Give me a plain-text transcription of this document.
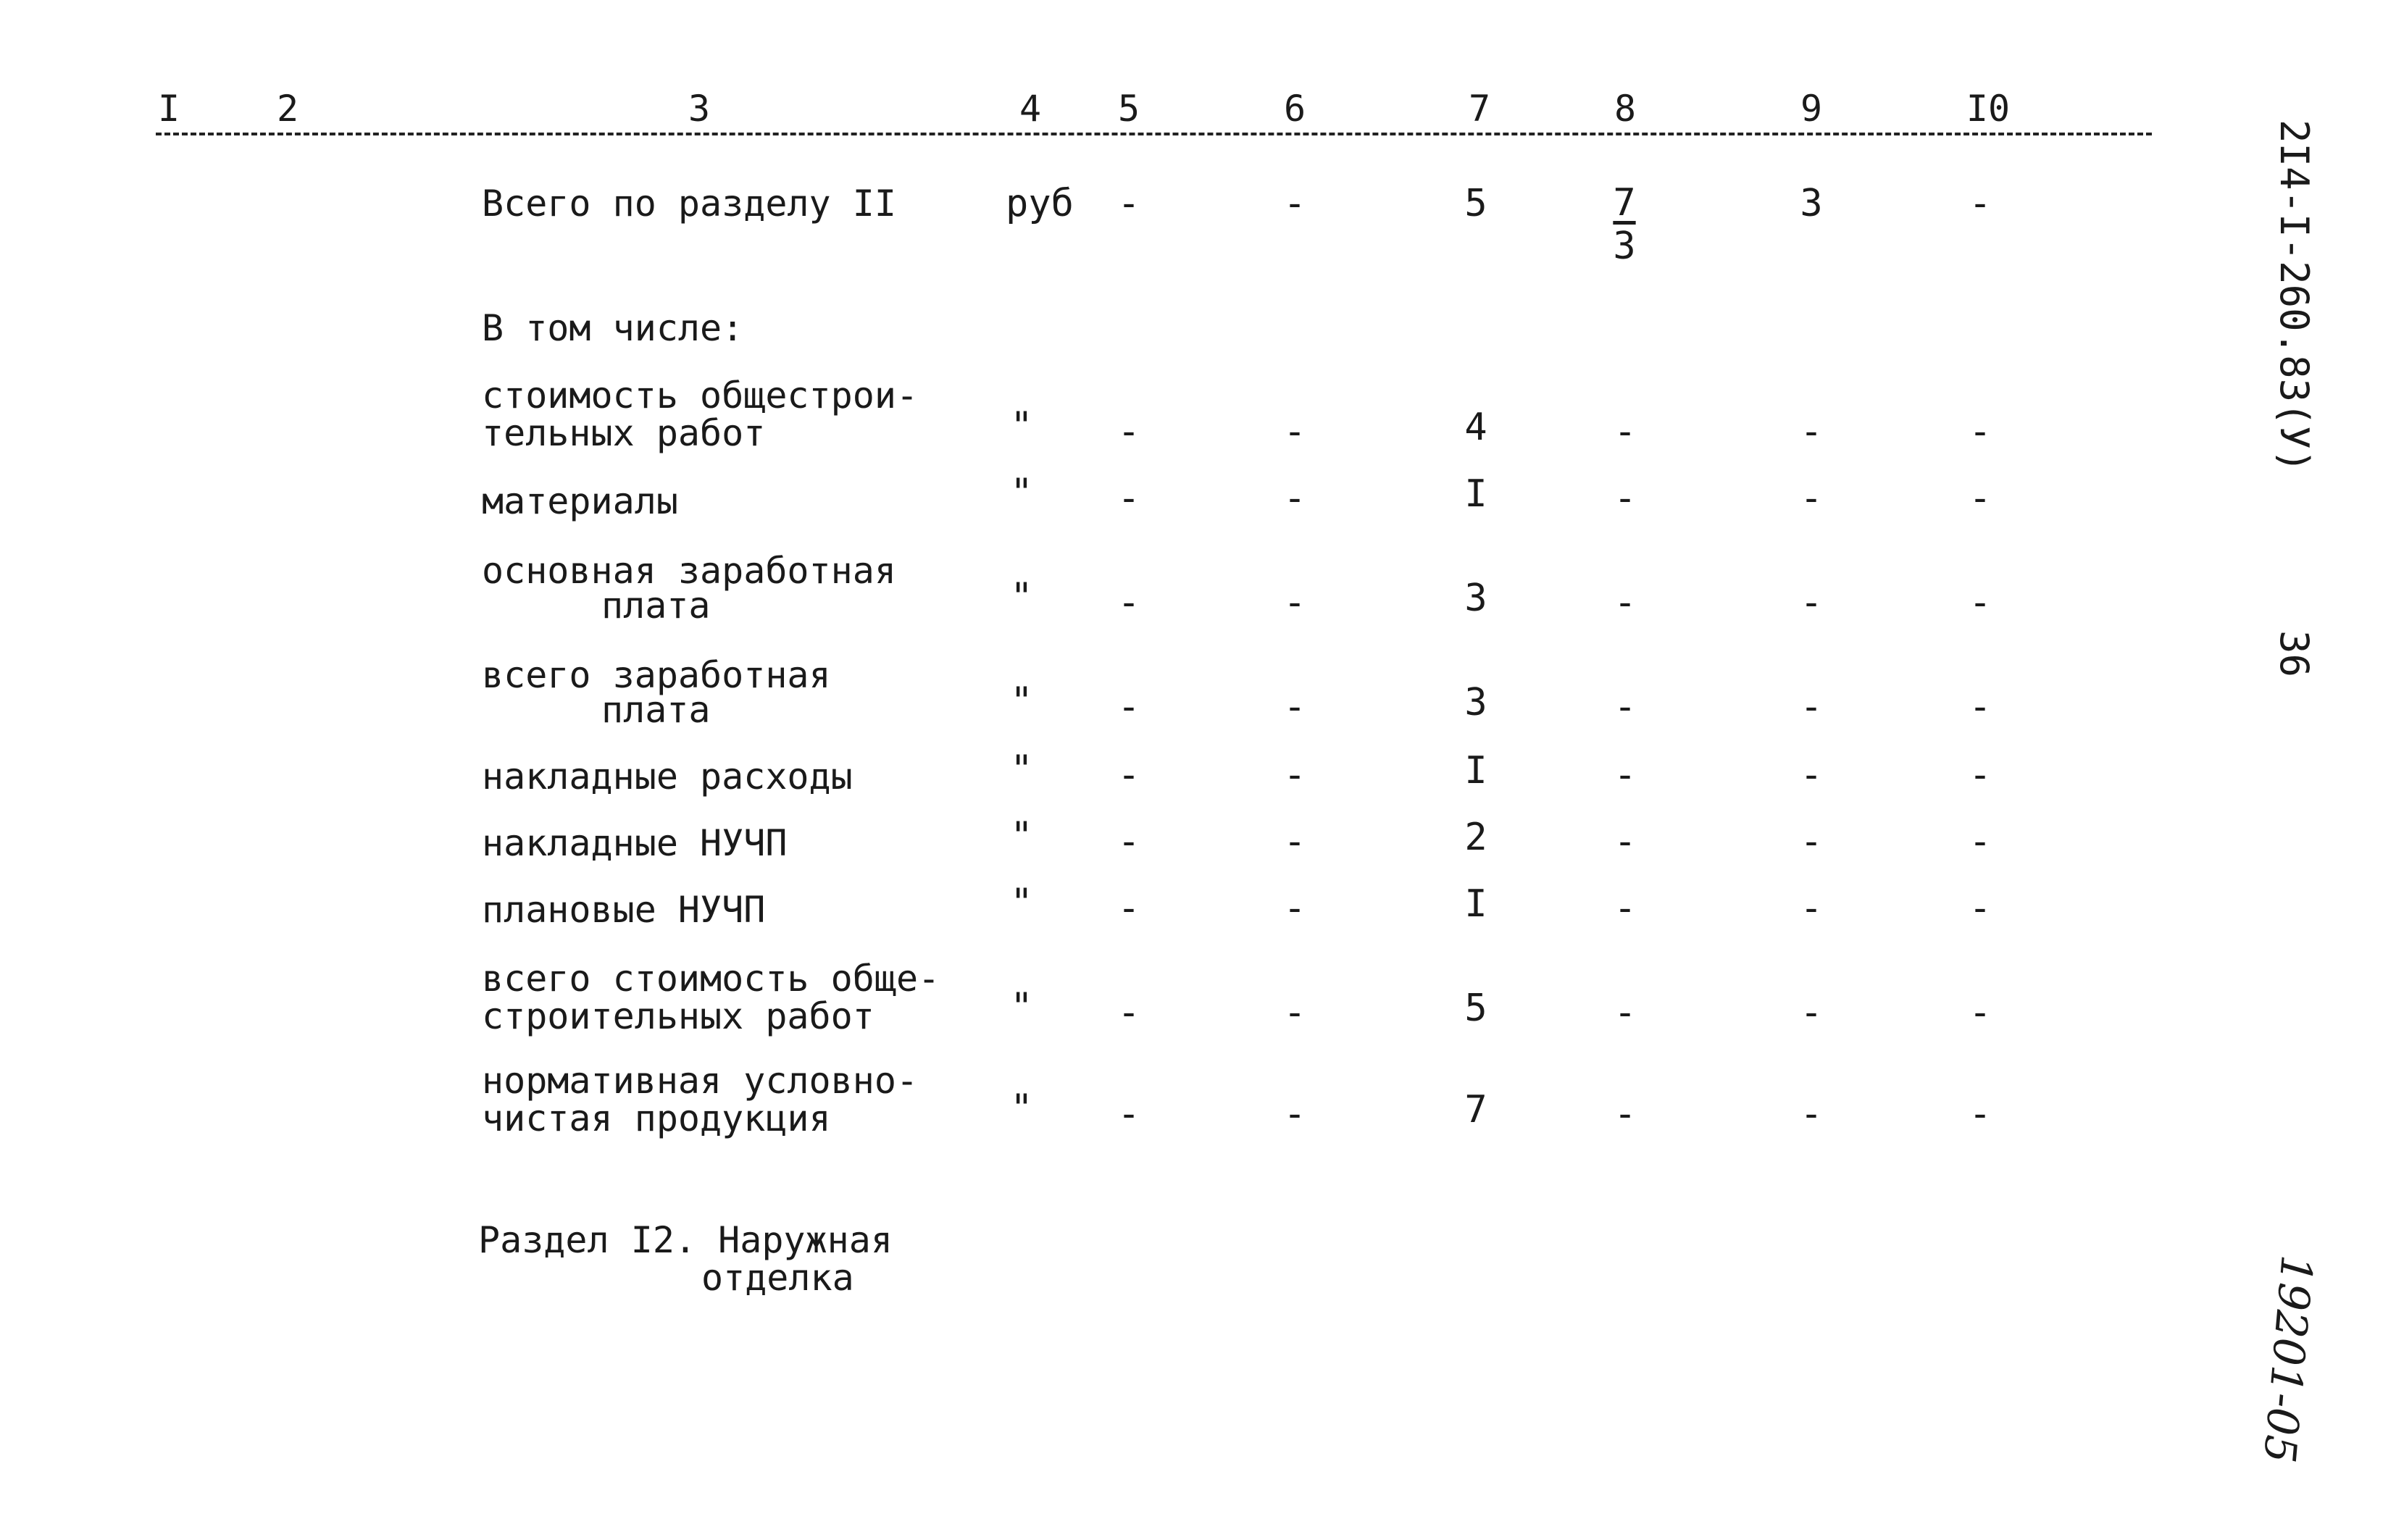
I	2	3	4 5	6	7	8	9	I0
Всего по разделу II	руб -	-	5	$\frac{7}{3}$	3	-
В том числе:
стоимость общестрои-
тельных работ	" -	-	4	-	-	-
материалы	" -	-	I	-	-	-
основная заработная
плата	" -	-	3	-	-	-
всего заработная
плата	" -	-	3	-	-	-
накладные расходы	" -	-	I	-	-	-
накладные НУЧП	" -	-	2	-	-	-
плановые НУЧП	" -	-	I	-	-	-
всего стоимость обще-
строительных работ	" -	-	5	-	-	-
нормативная условно-
чистая продукция	" -	-	7	-	-	-
Раздел I2. Наружная
отделка
2I4-I-260.83(У)
36
19201-05
